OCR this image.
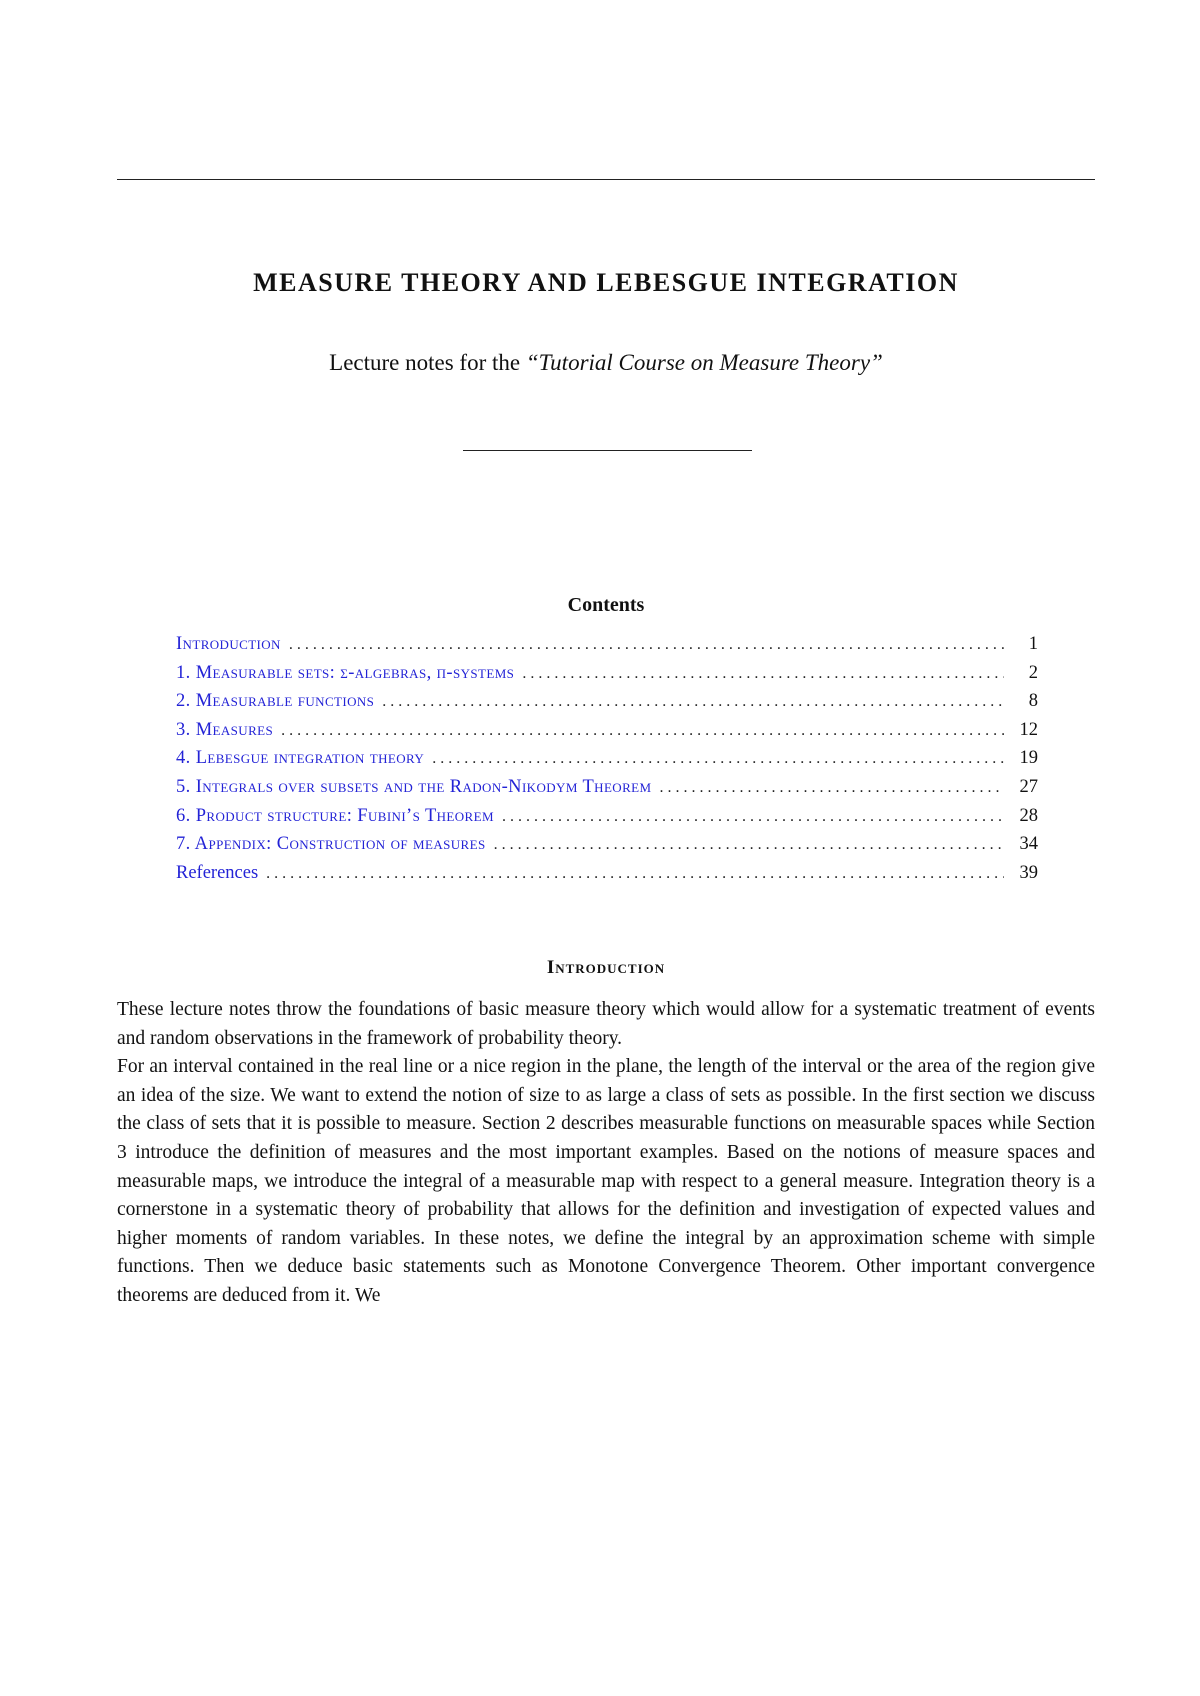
MEASURE THEORY AND LEBESGUE INTEGRATION
Lecture notes for the “Tutorial Course on Measure Theory”
Contents
Introduction . . .	1
1. Measurable sets: σ-algebras, π-systems . . .	2
2. Measurable functions . . .	8
3. Measures . . .	12
4. Lebesgue integration theory . . .	19
5. Integrals over subsets and the Radon-Nikodym Theorem . . .	27
6. Product structure: Fubini’s Theorem . . .	28
7. Appendix: Construction of measures . . .	34
References . . .	39
Introduction

These lecture notes throw the foundations of basic measure theory which would allow for a systematic treatment of events and random observations in the framework of probability theory.

For an interval contained in the real line or a nice region in the plane, the length of the interval or the area of the region give an idea of the size. We want to extend the notion of size to as large a class of sets as possible. In the first section we discuss the class of sets that it is possible to measure. Section 2 describes measurable functions on measurable spaces while Section 3 introduce the definition of measures and the most important examples. Based on the notions of measure spaces and measurable maps, we introduce the integral of a measurable map with respect to a general measure. Integration theory is a cornerstone in a systematic theory of probability that allows for the definition and investigation of expected values and higher moments of random variables. In these notes, we define the integral by an approximation scheme with simple functions. Then we deduce basic statements such as Monotone Convergence Theorem. Other important convergence theorems are deduced from it. We
